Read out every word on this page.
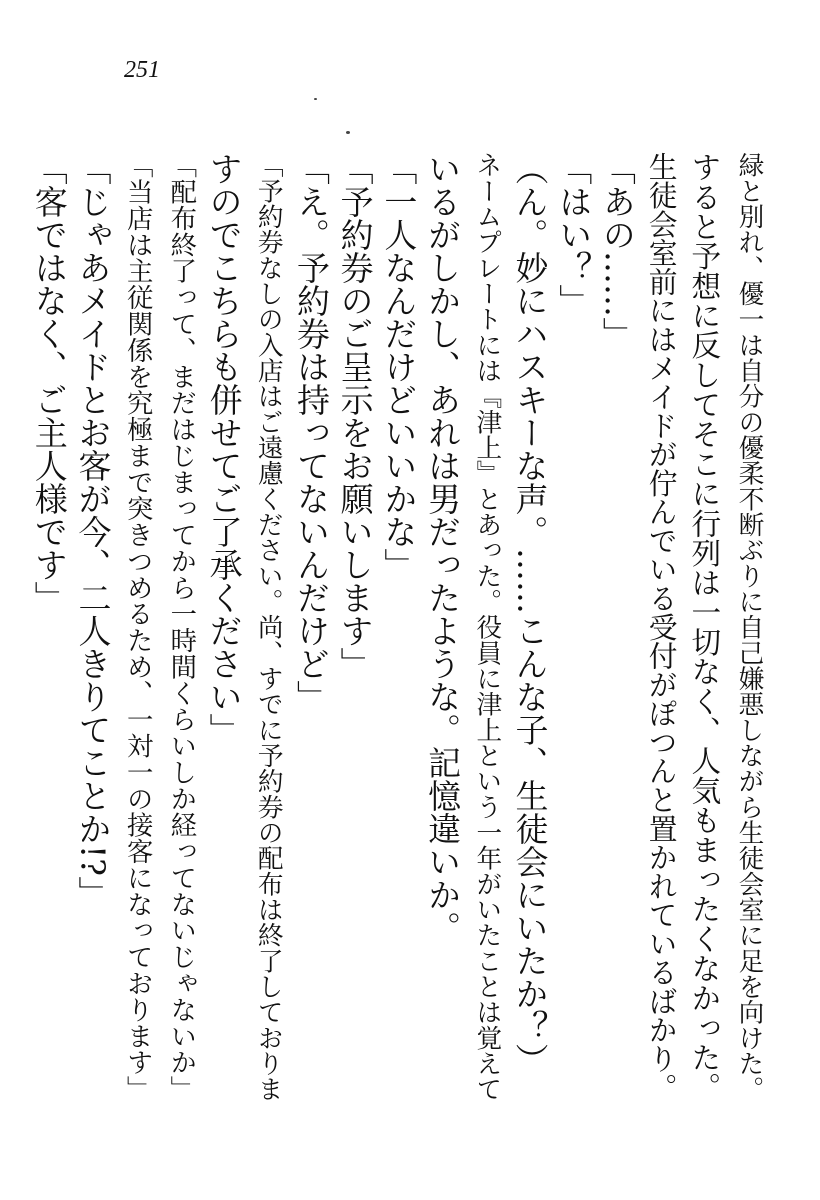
251
緑と別れ、優一は自分の優柔不断ぶりに自己嫌悪しながら生徒会室に足を向けた。
すると予想に反してそこに行列は一切なく、人気もまったくなかった。
生徒会室前にはメイドが佇んでいる受付がぽつんと置かれているばかり。
「あの……」
「はい？」
（ん。妙にハスキーな声。……こんな子、生徒会にいたか？）
ネームプレートには『津上』とあった。役員に津上という一年がいたことは覚えて
いるがしかし、あれは男だったような。記憶違いか。
「一人なんだけどいいかな」
「予約券のご呈示をお願いします」
「え。予約券は持ってないんだけど」
「予約券なしの入店はご遠慮ください。尚、すでに予約券の配布は終了しておりま
すのでこちらも併せてご了承ください」
「配布終了って、まだはじまってから一時間くらいしか経ってないじゃないか」
「当店は主従関係を究極まで突きつめるため、一対一の接客になっております」
「じゃあメイドとお客が今、二人きりてことか!?」
「客ではなく、ご主人様です」
